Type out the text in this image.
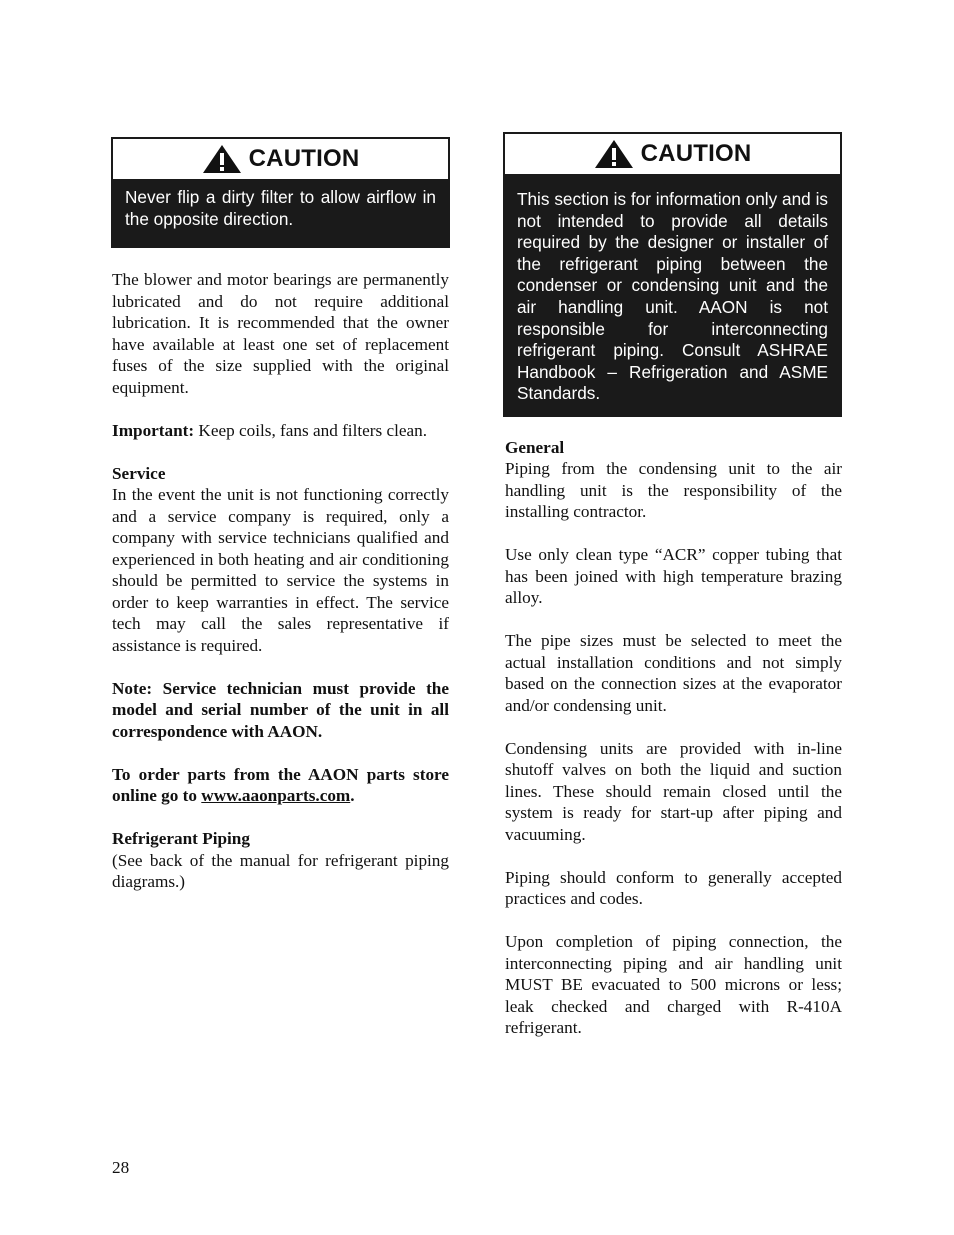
CAUTION
Never flip a dirty filter to allow airflow in the opposite direction.

The blower and motor bearings are permanently lubricated and do not require additional lubrication. It is recommended that the owner have available at least one set of replacement fuses of the size supplied with the original equipment.

Important: Keep coils, fans and filters clean.

Service

In the event the unit is not functioning correctly and a service company is required, only a company with service technicians qualified and experienced in both heating and air conditioning should be permitted to service the systems in order to keep warranties in effect. The service tech may call the sales representative if assistance is required.

Note: Service technician must provide the model and serial number of the unit in all correspondence with AAON.

To order parts from the AAON parts store online go to www.aaonparts.com.

Refrigerant Piping

(See back of the manual for refrigerant piping diagrams.)

CAUTION
This section is for information only and is not intended to provide all details required by the designer or installer of the refrigerant piping between the condenser or condensing unit and the air handling unit. AAON is not responsible for interconnecting refrigerant piping. Consult ASHRAE Handbook – Refrigeration and ASME Standards.

General

Piping from the condensing unit to the air handling unit is the responsibility of the installing contractor.

Use only clean type “ACR” copper tubing that has been joined with high temperature brazing alloy.

The pipe sizes must be selected to meet the actual installation conditions and not simply based on the connection sizes at the evaporator and/or condensing unit.

Condensing units are provided with in-line shutoff valves on both the liquid and suction lines. These should remain closed until the system is ready for start-up after piping and vacuuming.

Piping should conform to generally accepted practices and codes.

Upon completion of piping connection, the interconnecting piping and air handling unit MUST BE evacuated to 500 microns or less; leak checked and charged with R-410A refrigerant.

28
